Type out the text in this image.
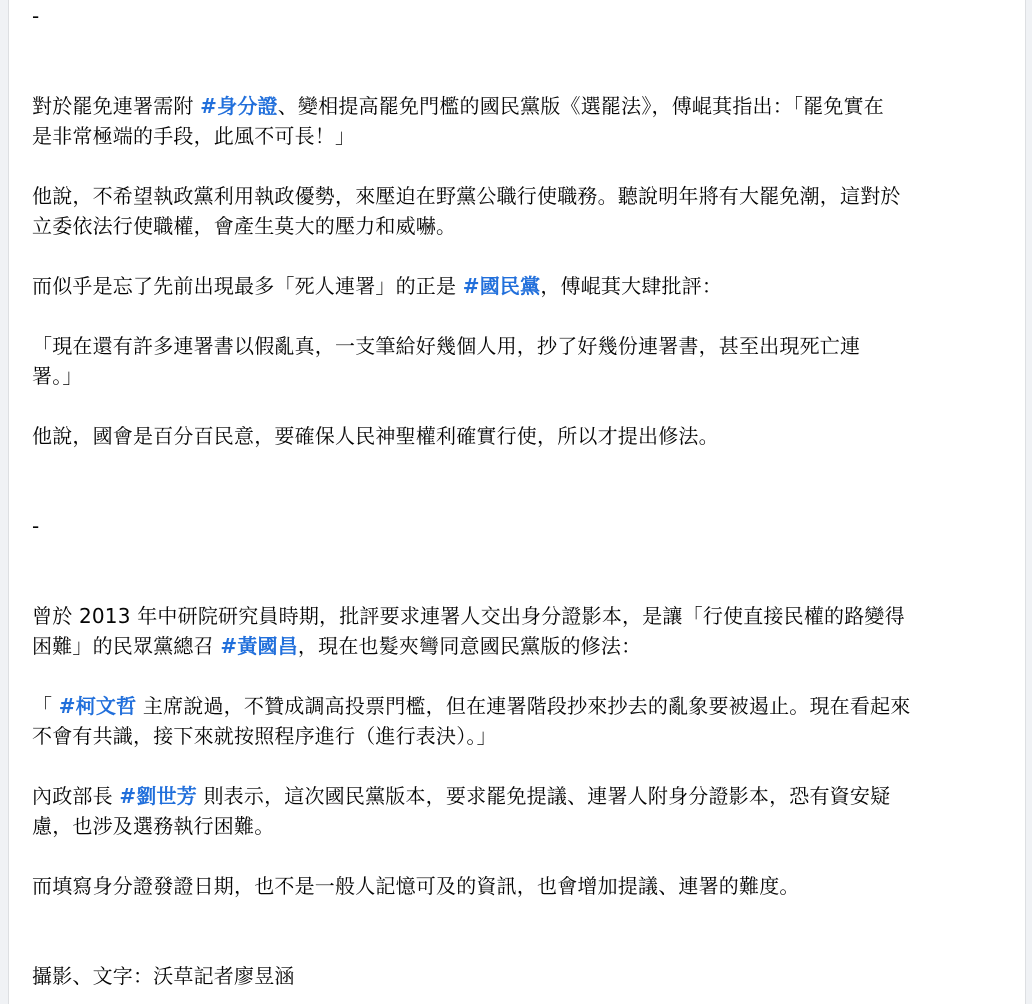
-
對於罷免連署需附 #身分證、變相提高罷免門檻的國民黨版《選罷法》，傅崐萁指出：「罷免實在
是非常極端的手段，此風不可長！」
他說，不希望執政黨利用執政優勢，來壓迫在野黨公職行使職務。聽說明年將有大罷免潮，這對於
立委依法行使職權，會產生莫大的壓力和威嚇。
而似乎是忘了先前出現最多「死人連署」的正是 #國民黨，傅崐萁大肆批評：
「現在還有許多連署書以假亂真，一支筆給好幾個人用，抄了好幾份連署書，甚至出現死亡連
署。」
他說，國會是百分百民意，要確保人民神聖權利確實行使，所以才提出修法。
-
曾於 2013 年中研院研究員時期，批評要求連署人交出身分證影本，是讓「行使直接民權的路變得
困難」的民眾黨總召 #黃國昌，現在也髮夾彎同意國民黨版的修法：
「 #柯文哲 主席說過，不贊成調高投票門檻，但在連署階段抄來抄去的亂象要被遏止。現在看起來
不會有共識，接下來就按照程序進行（進行表決）。」
內政部長 #劉世芳 則表示，這次國民黨版本，要求罷免提議、連署人附身分證影本，恐有資安疑
慮，也涉及選務執行困難。
而填寫身分證發證日期，也不是一般人記憶可及的資訊，也會增加提議、連署的難度。
攝影、文字：沃草記者廖昱涵
